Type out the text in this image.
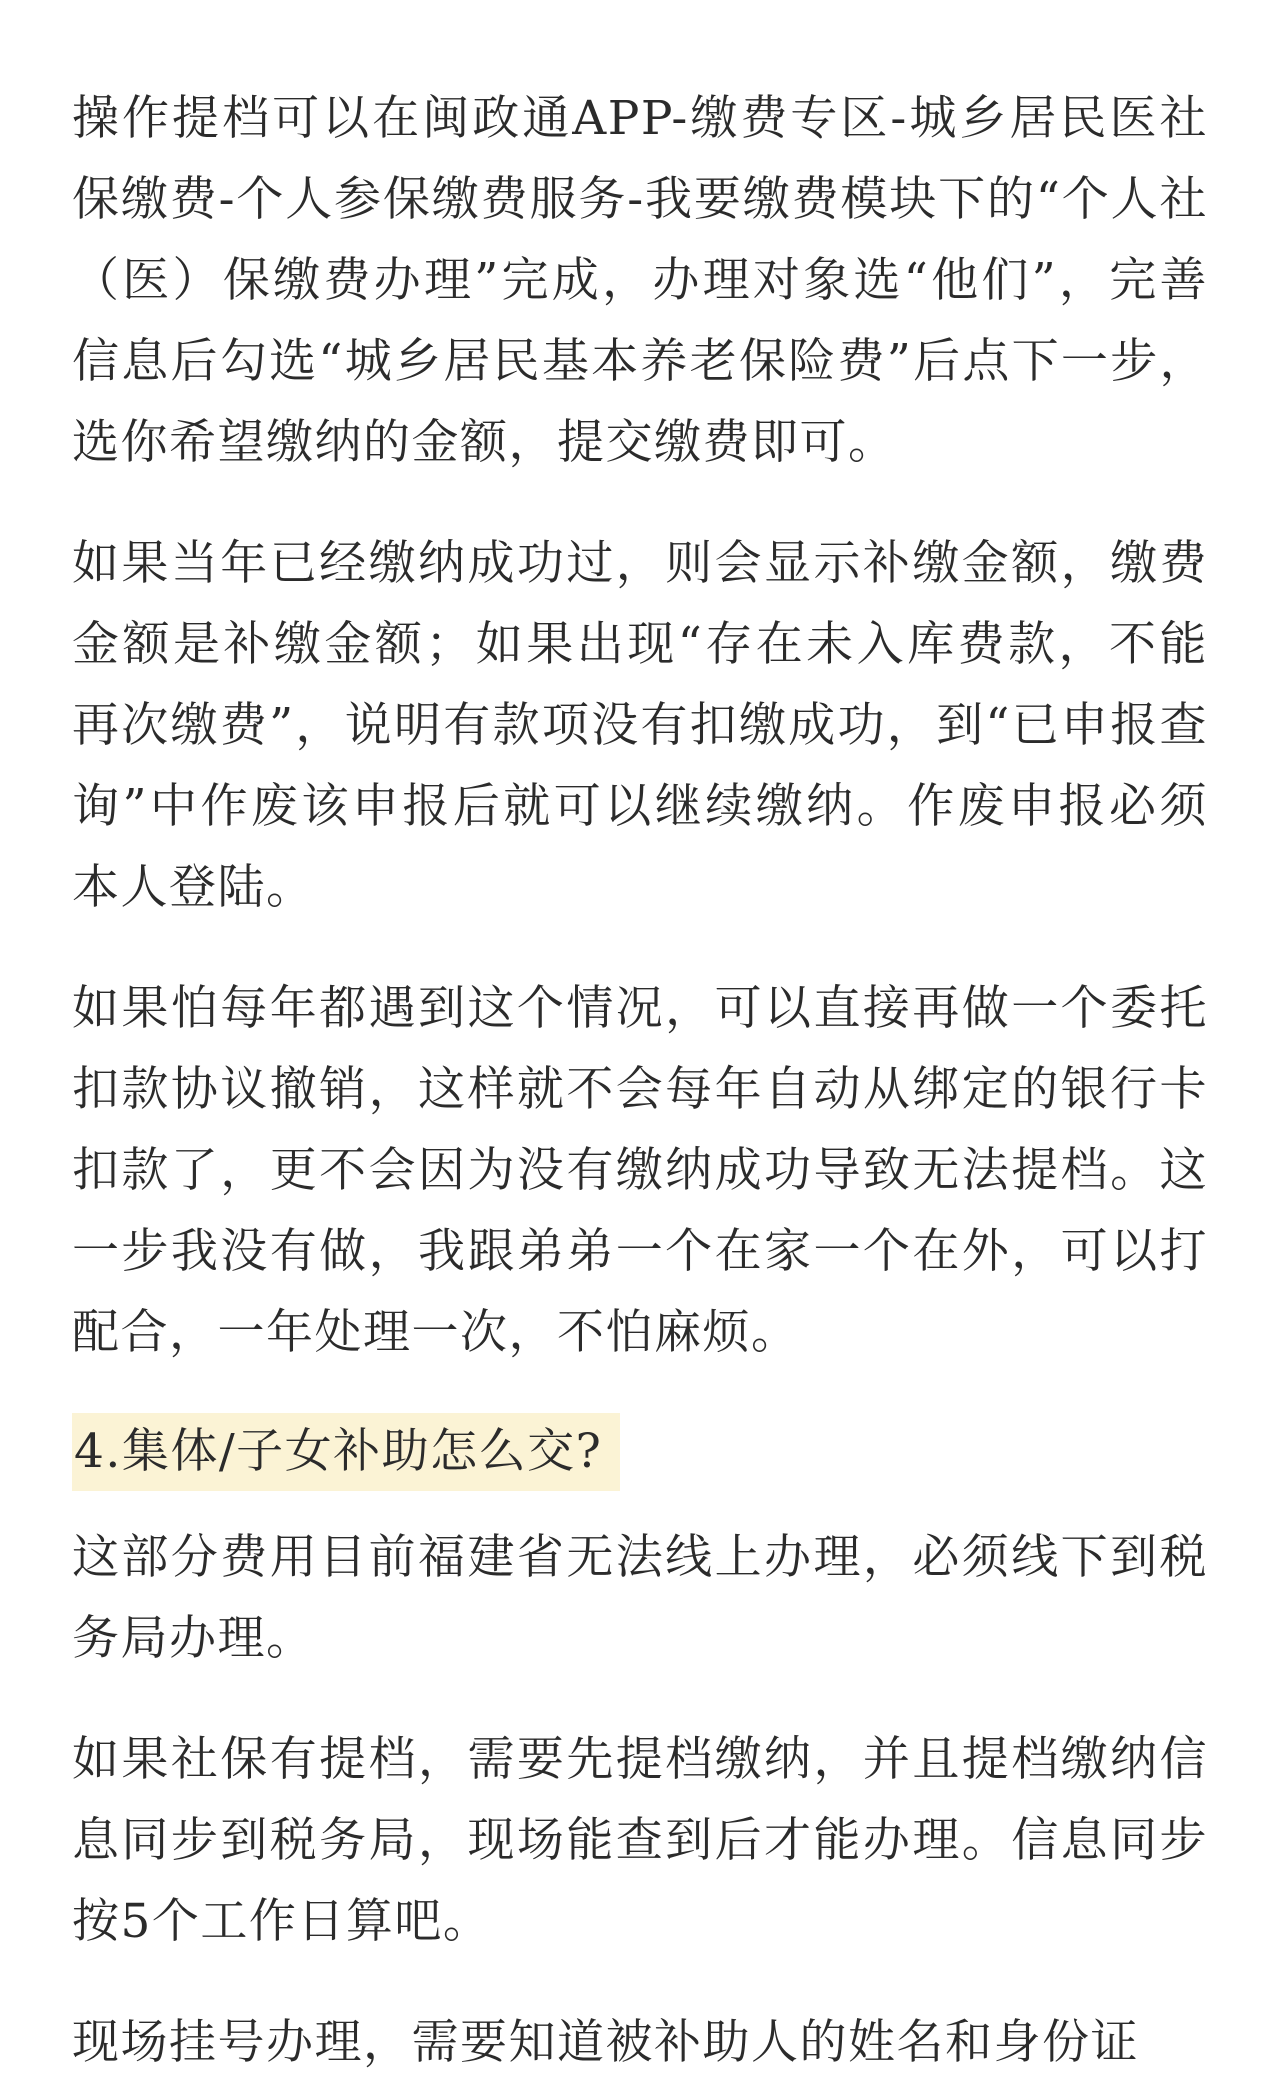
操作提档可以在闽政通APP-缴费专区-城乡居民医社保缴费-个人参保缴费服务-我要缴费模块下的“个人社（医）保缴费办理”完成，办理对象选“他们”，完善信息后勾选“城乡居民基本养老保险费”后点下一步，选你希望缴纳的金额，提交缴费即可。

如果当年已经缴纳成功过，则会显示补缴金额，缴费金额是补缴金额；如果出现“存在未入库费款，不能再次缴费”，说明有款项没有扣缴成功，到“已申报查询”中作废该申报后就可以继续缴纳。作废申报必须本人登陆。

如果怕每年都遇到这个情况，可以直接再做一个委托扣款协议撤销，这样就不会每年自动从绑定的银行卡扣款了，更不会因为没有缴纳成功导致无法提档。这一步我没有做，我跟弟弟一个在家一个在外，可以打配合，一年处理一次，不怕麻烦。

4.集体/子女补助怎么交?

这部分费用目前福建省无法线上办理，必须线下到税务局办理。

如果社保有提档，需要先提档缴纳，并且提档缴纳信息同步到税务局，现场能查到后才能办理。信息同步按5个工作日算吧。

现场挂号办理，需要知道被补助人的姓名和身份证
